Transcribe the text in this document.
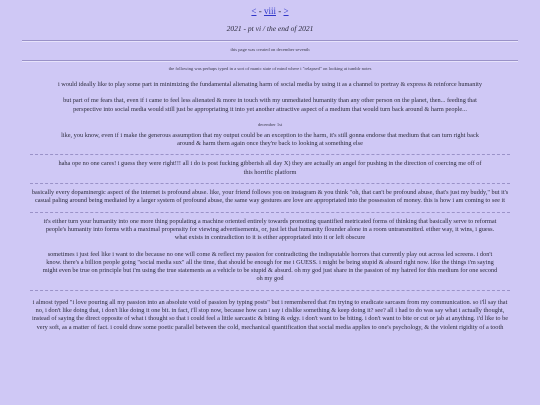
< - viii - >
2021 - pt vi / the end of 2021
this page was created on december seventh
the following was perhaps typed in a sort of manic state of mind where i "relapsed" on looking at tumblr notes

i would ideally like to play some part in minimizing the fundamental alienating harm of social media by using it as a channel to portray & express & reinforce humanity

but part of me fears that, even if i came to feel less alienated & more in touch with my unmediated humanity than any other person on the planet, then... feeding that perspective into social media would still just be appropriating it into yet another attractive aspect of a medium that would turn back around & harm people...

december 1st

like, you know, even if i make the generous assumption that my output could be an exception to the harm, it's still gonna endorse that medium that can turn right back around & harm them again once they're back to looking at something else

haha ope no one cares! i guess they were right!!! all i do is post fucking gibberish all day X) they are actually an angel for pushing in the direction of coercing me off of this horrific platform

basically every dopaminergic aspect of the internet is profound abuse. like, your friend follows you on instagram & you think "oh, that can't be profound abuse, that's just my buddy," but it's casual paling around being mediated by a larger system of profound abuse, the same way gestures are love are appropriated into the possession of money. this is how i am coming to see it

it's either turn your humanity into one more thing populating a machine oriented entirely towards promoting quantified metricated forms of thinking that basically serve to reformat people's humanity into forms with a maximal propensity for viewing advertisements, or, just let that humanity flounder alone in a room untransmitted. either way, it wins, i guess. what exists in contradiction to it is either appropriated into it or left obscure

sometimes i just feel like i want to die because no one will come & reflect my passion for contradicting the indisputable horrors that currently play out across led screens. i don't know. there's a billion people going "social media sux" all the time, that should be enough for me i GUESS. i might be being stupid & absurd right now. like the things i'm saying might even be true on principle but i'm using the true statements as a vehicle to be stupid & absurd. oh my god just share in the passion of my hatred for this medium for one second oh my god

i almost typed "i love pouring all my passion into an absolute void of passion by typing posts" but i remembered that i'm trying to eradicate sarcasm from my communication. so i'll say that no, i don't like doing that, i don't like doing it one bit. in fact, i'll stop now, because how can i say i dislike something & keep doing it? see? all i had to do was say what i actually thought, instead of saying the direct opposite of what i thought so that i could feel a little sarcastic & biting & edgy. i don't want to be biting. i don't want to bite or cut or jab at anything. i'd like to be very soft, as a matter of fact. i could draw some poetic parallel between the cold, mechanical quantification that social media applies to one's psychology, & the violent rigidity of a tooth
